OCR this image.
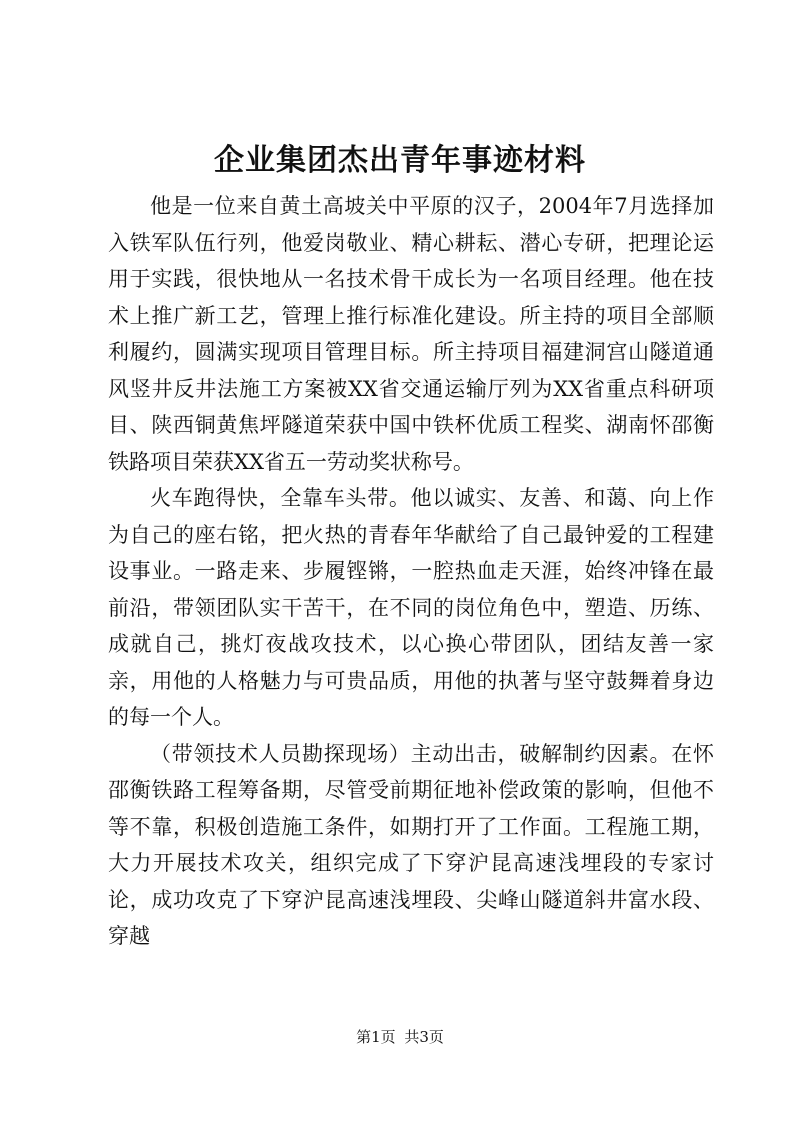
企业集团杰出青年事迹材料

他是一位来自黄土高坡关中平原的汉子，2004年7月选择加入铁军队伍行列，他爱岗敬业、精心耕耘、潜心专研，把理论运用于实践，很快地从一名技术骨干成长为一名项目经理。他在技术上推广新工艺，管理上推行标准化建设。所主持的项目全部顺利履约，圆满实现项目管理目标。所主持项目福建洞宫山隧道通风竖井反井法施工方案被XX省交通运输厅列为XX省重点科研项目、陕西铜黄焦坪隧道荣获中国中铁杯优质工程奖、湖南怀邵衡铁路项目荣获XX省五一劳动奖状称号。

火车跑得快，全靠车头带。他以诚实、友善、和蔼、向上作为自己的座右铭，把火热的青春年华献给了自己最钟爱的工程建设事业。一路走来、步履铿锵，一腔热血走天涯，始终冲锋在最前沿，带领团队实干苦干，在不同的岗位角色中，塑造、历练、成就自己，挑灯夜战攻技术，以心换心带团队，团结友善一家亲，用他的人格魅力与可贵品质，用他的执著与坚守鼓舞着身边的每一个人。

（带领技术人员勘探现场）主动出击，破解制约因素。在怀邵衡铁路工程筹备期，尽管受前期征地补偿政策的影响，但他不等不靠，积极创造施工条件，如期打开了工作面。工程施工期，大力开展技术攻关，组织完成了下穿沪昆高速浅埋段的专家讨论，成功攻克了下穿沪昆高速浅埋段、尖峰山隧道斜井富水段、穿越

第1页 共3页
